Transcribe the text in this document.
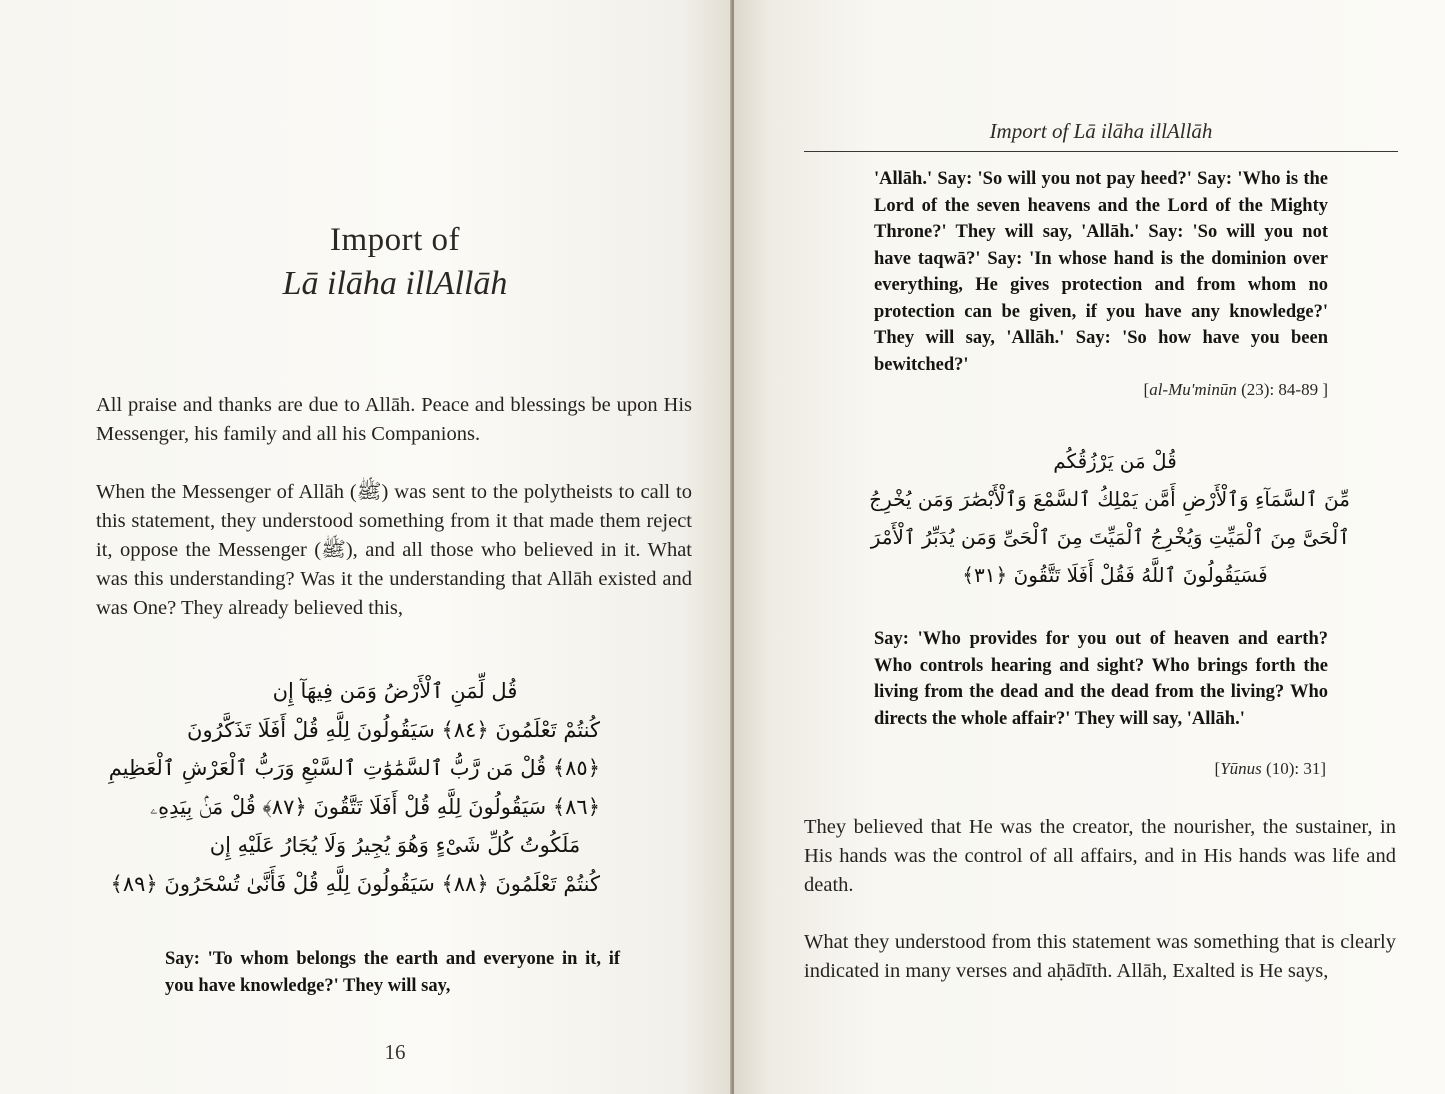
Import of
Lā ilāha illAllāh

All praise and thanks are due to Allāh. Peace and blessings be upon His Messenger, his family and all his Companions.

When the Messenger of Allāh (ﷺ) was sent to the polytheists to call to this statement, they understood something from it that made them reject it, oppose the Messenger (ﷺ), and all those who believed in it. What was this understanding? Was it the understanding that Allāh existed and was One? They already believed this,

قُل لِّمَنِ ٱلْأَرْضُ وَمَن فِيهَآ إِن
كُنتُمْ تَعْلَمُونَ ﴿٨٤﴾ سَيَقُولُونَ لِلَّهِ قُلْ أَفَلَا تَذَكَّرُونَ
﴿٨٥﴾ قُلْ مَن رَّبُّ ٱلسَّمَٰوَٰتِ ٱلسَّبْعِ وَرَبُّ ٱلْعَرْشِ ٱلْعَظِيمِ
﴿٨٦﴾ سَيَقُولُونَ لِلَّهِ قُلْ أَفَلَا تَتَّقُونَ ﴿٨٧﴾ قُلْ مَنۢ بِيَدِهِۦ
مَلَكُوتُ كُلِّ شَىْءٍ وَهُوَ يُجِيرُ وَلَا يُجَارُ عَلَيْهِ إِن
كُنتُمْ تَعْلَمُونَ ﴿٨٨﴾ سَيَقُولُونَ لِلَّهِ قُلْ فَأَنَّىٰ تُسْحَرُونَ ﴿٨٩﴾

Say: 'To whom belongs the earth and everyone in it, if you have knowledge?' They will say,

16
Import of Lā ilāha illAllāh

'Allāh.' Say: 'So will you not pay heed?' Say: 'Who is the Lord of the seven heavens and the Lord of the Mighty Throne?' They will say, 'Allāh.' Say: 'So will you not have taqwā?' Say: 'In whose hand is the dominion over everything, He gives protection and from whom no protection can be given, if you have any knowledge?' They will say, 'Allāh.' Say: 'So how have you been bewitched?'

[al-Mu'minūn (23): 84-89 ]
قُلْ مَن يَرْزُقُكُم
مِّنَ ٱلسَّمَآءِ وَٱلْأَرْضِ أَمَّن يَمْلِكُ ٱلسَّمْعَ وَٱلْأَبْصَٰرَ وَمَن يُخْرِجُ
ٱلْحَىَّ مِنَ ٱلْمَيِّتِ وَيُخْرِجُ ٱلْمَيِّتَ مِنَ ٱلْحَىِّ وَمَن يُدَبِّرُ ٱلْأَمْرَ
فَسَيَقُولُونَ ٱللَّهُ فَقُلْ أَفَلَا تَتَّقُونَ ﴿٣١﴾

Say: 'Who provides for you out of heaven and earth? Who controls hearing and sight? Who brings forth the living from the dead and the dead from the living? Who directs the whole affair?' They will say, 'Allāh.'

[Yūnus (10): 31]

They believed that He was the creator, the nourisher, the sustainer, in His hands was the control of all affairs, and in His hands was life and death.

What they understood from this statement was something that is clearly indicated in many verses and aḥādīth. Allāh, Exalted is He says,
